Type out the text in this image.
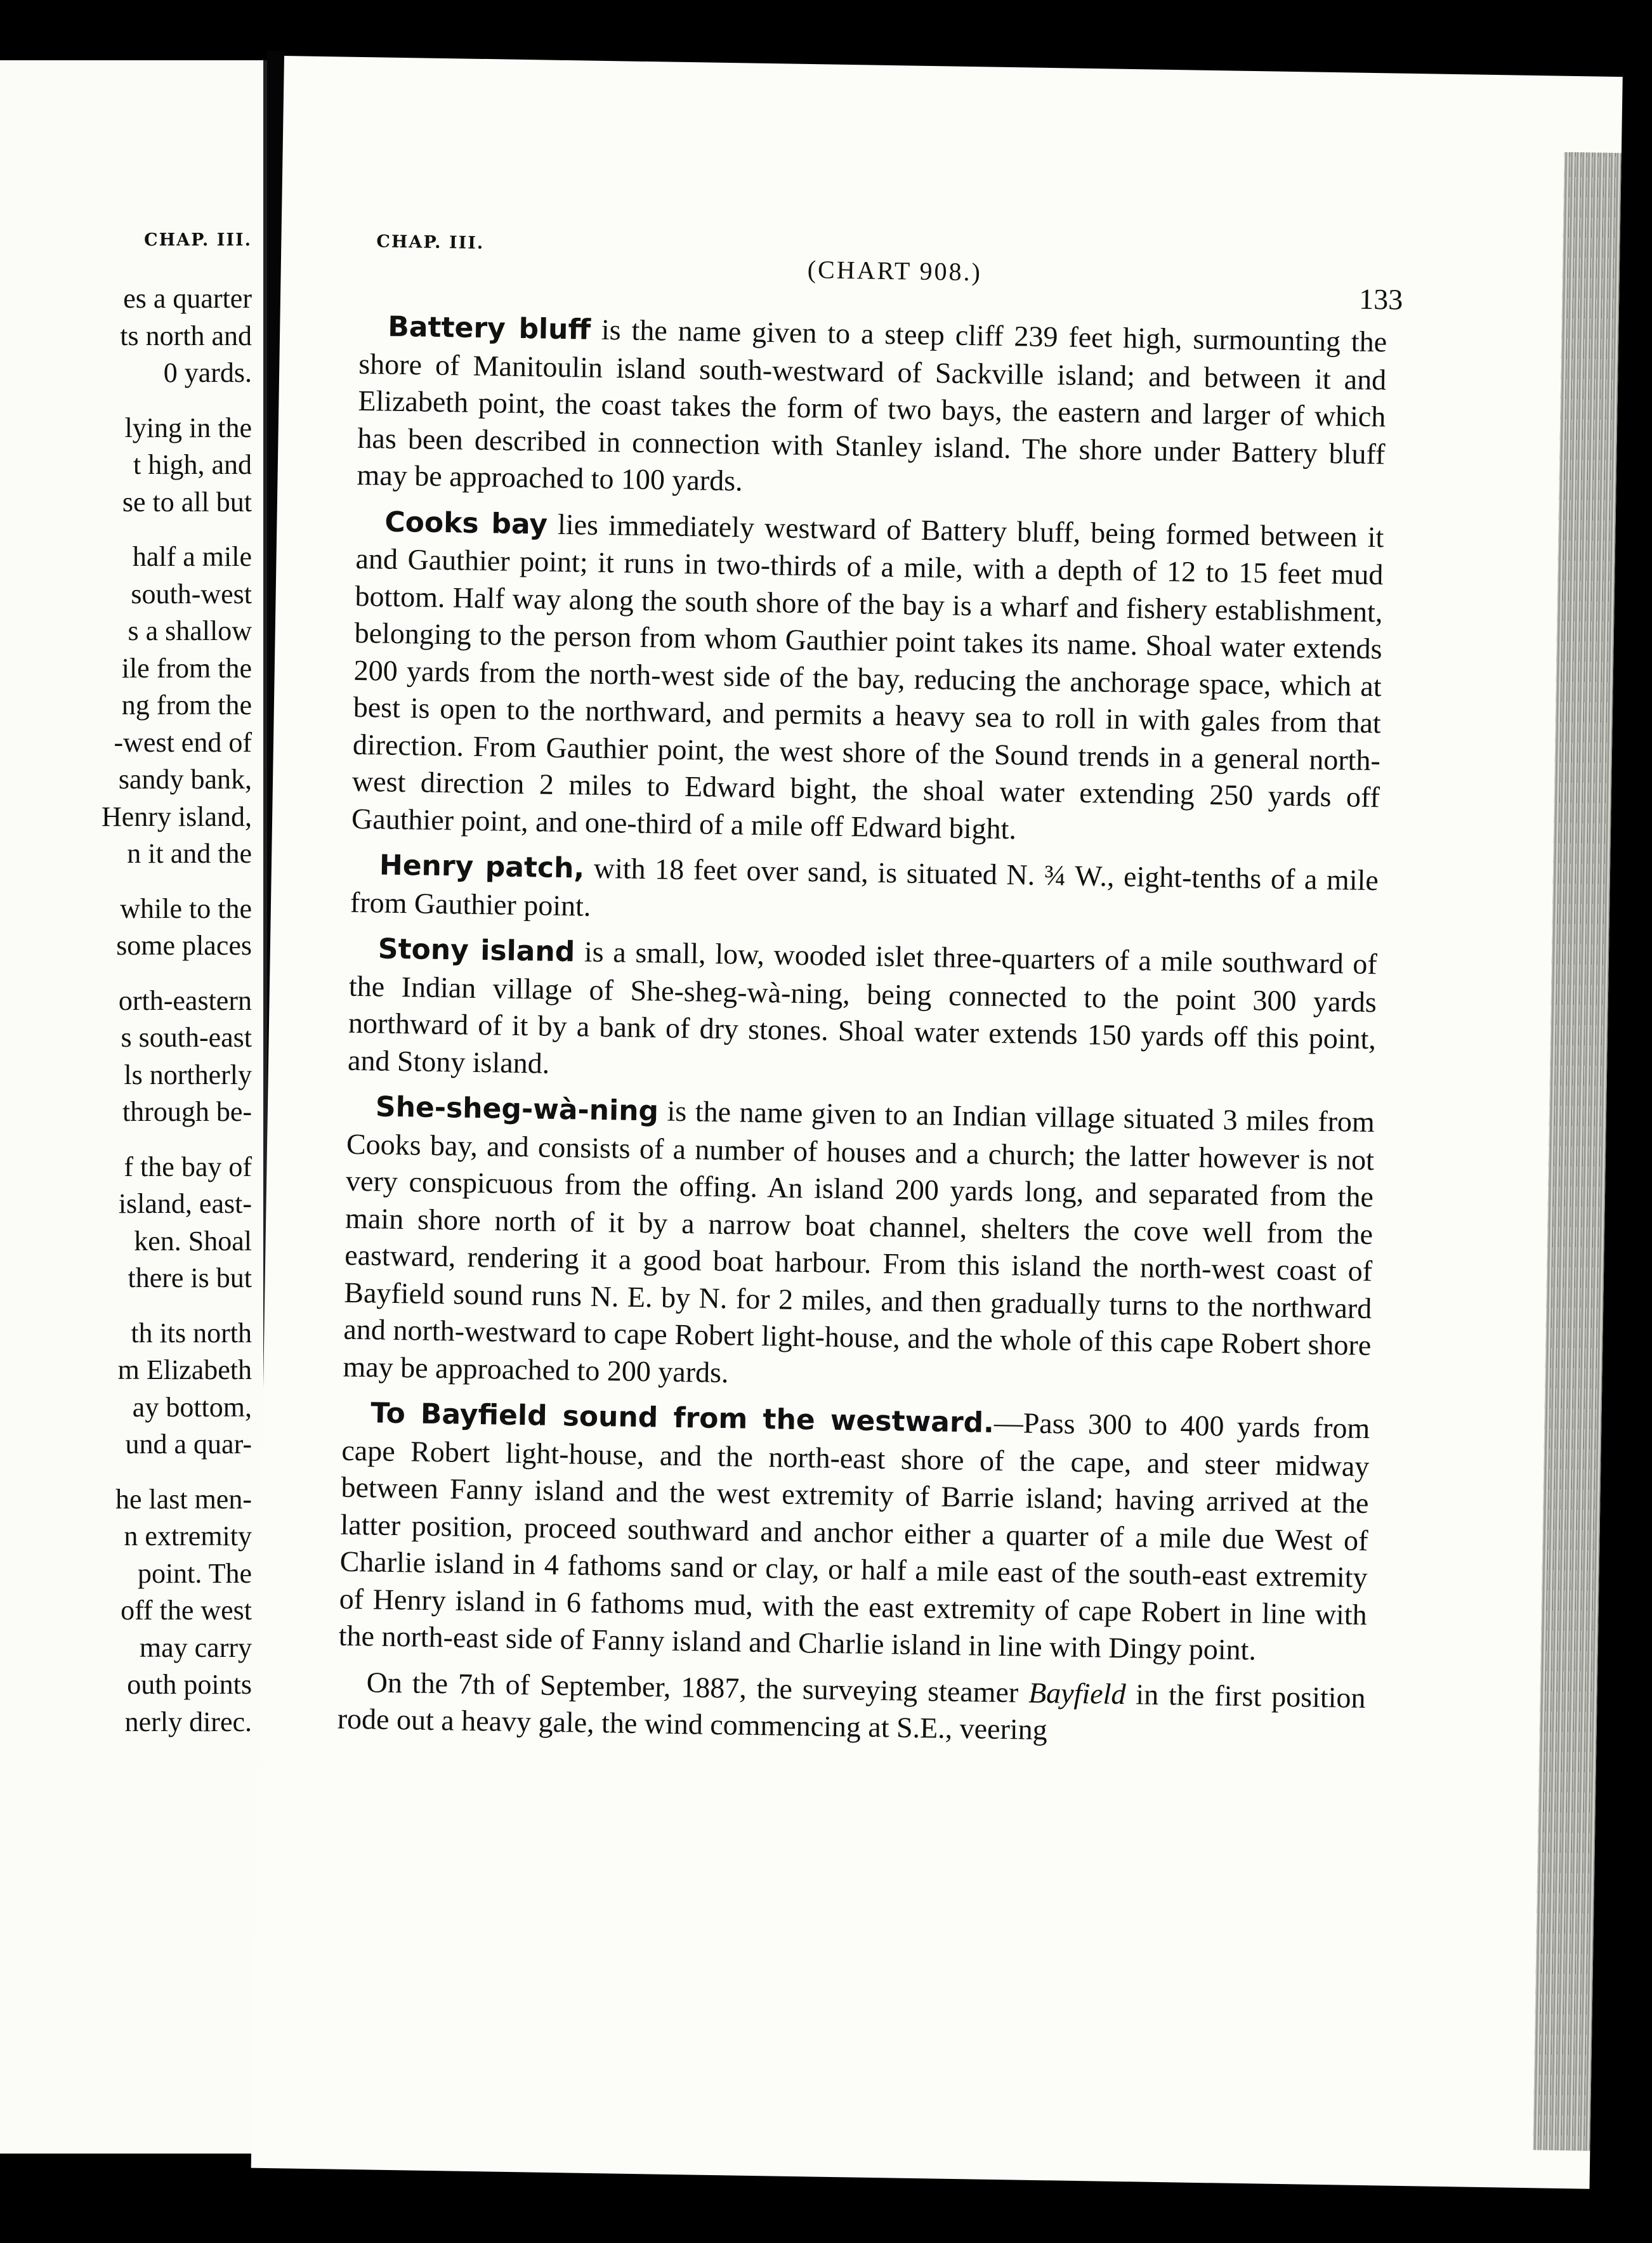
CHAP. III.
es a quarter
ts north and
0 yards.
lying in the
t high, and
se to all but
half a mile
south-west
s a shallow
ile from the
ng from the
-west end of
sandy bank,
Henry island,
n it and the
while to the
some places
orth-eastern
s south-east
ls northerly
through be-
f the bay of
island, east-
ken. Shoal
there is but
th its north
m Elizabeth
ay bottom,
und a quar-
he last men-
n extremity
point. The
off the west
may carry
outh points
nerly direc.
CHAP. III.
(CHART 908.)
133

Battery bluff is the name given to a steep cliff 239 feet high, surmounting the shore of Manitoulin island south-westward of Sackville island; and between it and Elizabeth point, the coast takes the form of two bays, the eastern and larger of which has been described in connection with Stanley island. The shore under Battery bluff may be approached to 100 yards.

Cooks bay lies immediately westward of Battery bluff, being formed between it and Gauthier point; it runs in two-thirds of a mile, with a depth of 12 to 15 feet mud bottom. Half way along the south shore of the bay is a wharf and fishery establishment, belonging to the person from whom Gauthier point takes its name. Shoal water extends 200 yards from the north-west side of the bay, reducing the anchorage space, which at best is open to the northward, and permits a heavy sea to roll in with gales from that direction. From Gauthier point, the west shore of the Sound trends in a general north-west direction 2 miles to Edward bight, the shoal water extending 250 yards off Gauthier point, and one-third of a mile off Edward bight.

Henry patch, with 18 feet over sand, is situated N. ¾ W., eight-tenths of a mile from Gauthier point.

Stony island is a small, low, wooded islet three-quarters of a mile southward of the Indian village of She-sheg-wà-ning, being connected to the point 300 yards northward of it by a bank of dry stones. Shoal water extends 150 yards off this point, and Stony island.

She-sheg-wà-ning is the name given to an Indian village situated 3 miles from Cooks bay, and consists of a number of houses and a church; the latter however is not very conspicuous from the offing. An island 200 yards long, and separated from the main shore north of it by a narrow boat channel, shelters the cove well from the eastward, rendering it a good boat harbour. From this island the north-west coast of Bayfield sound runs N. E. by N. for 2 miles, and then gradually turns to the northward and north-westward to cape Robert light-house, and the whole of this cape Robert shore may be approached to 200 yards.

To Bayfield sound from the westward.—Pass 300 to 400 yards from cape Robert light-house, and the north-east shore of the cape, and steer midway between Fanny island and the west extremity of Barrie island; having arrived at the latter position, proceed southward and anchor either a quarter of a mile due West of Charlie island in 4 fathoms sand or clay, or half a mile east of the south-east extremity of Henry island in 6 fathoms mud, with the east extremity of cape Robert in line with the north-east side of Fanny island and Charlie island in line with Dingy point.

On the 7th of September, 1887, the surveying steamer Bayfield in the first position rode out a heavy gale, the wind commencing at S.E., veering
